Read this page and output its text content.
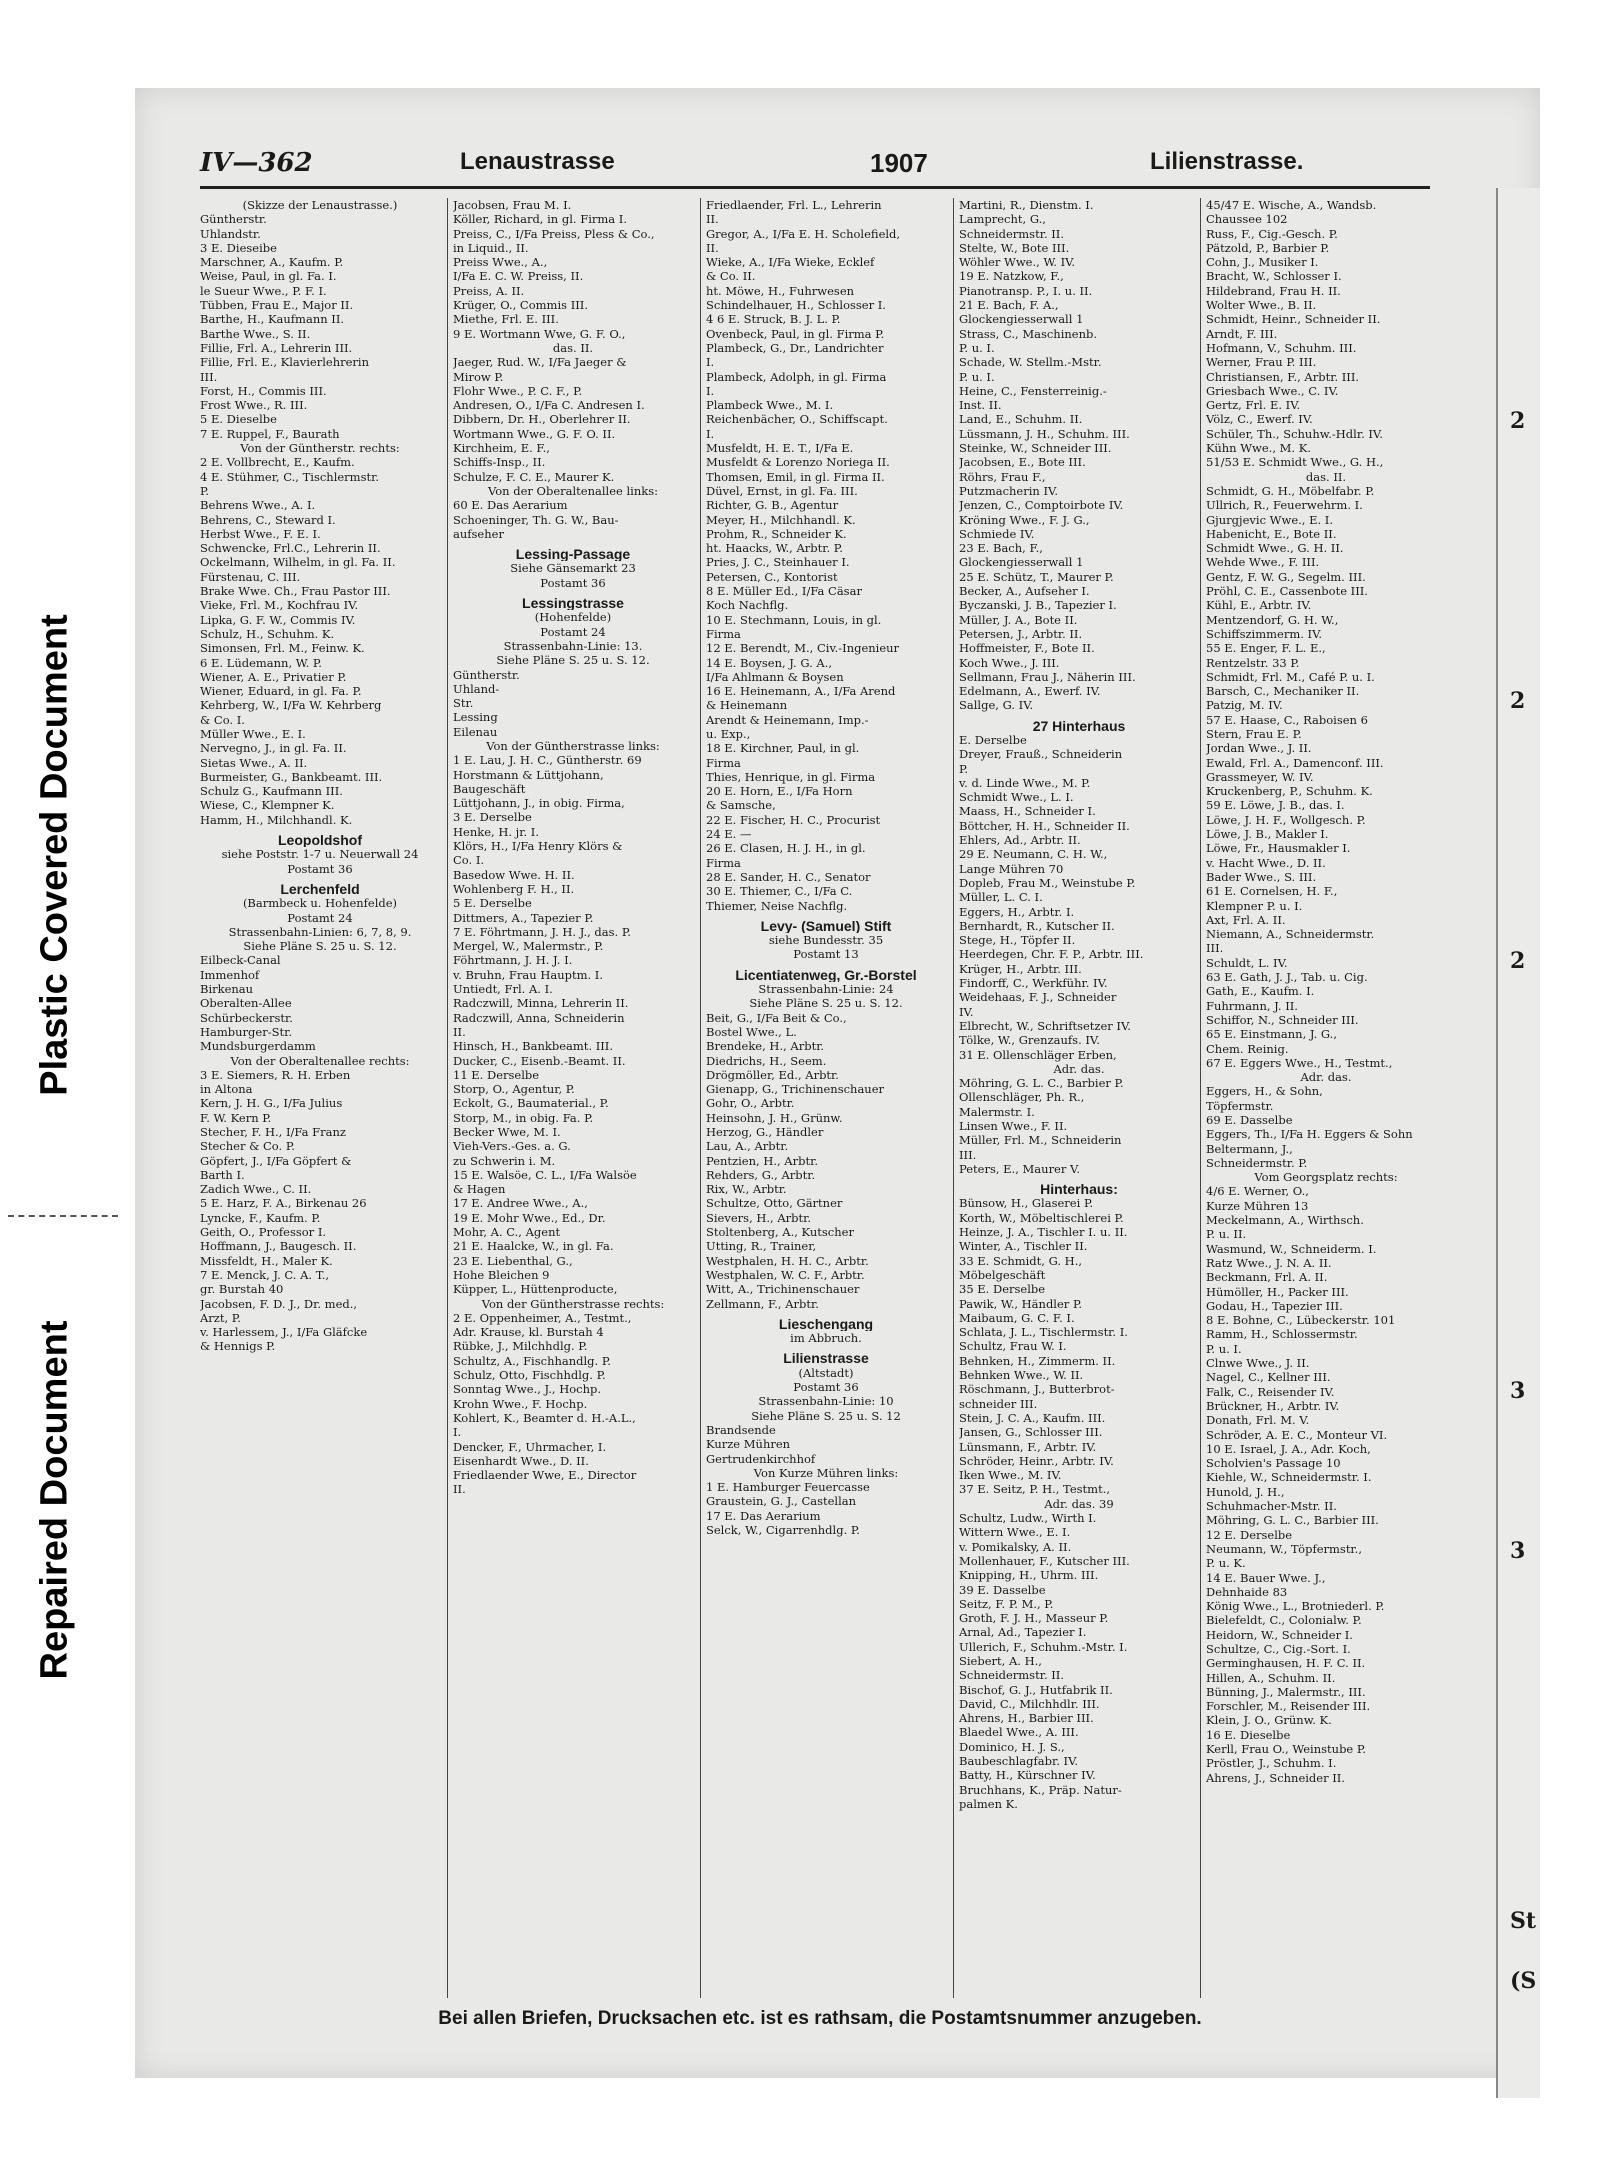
Plastic Covered Document
Repaired Document
IV—362	Lenaustrasse	1907	Lilienstrasse.
(Skizze der Lenaustrasse.)
Güntherstr.
Uhlandstr.
3 E. Dieseibe
Marschner, A., Kaufm. P.
Weise, Paul, in gl. Fa. I.
le Sueur Wwe., P. F. I.
Tübben, Frau E., Major II.
Barthe, H., Kaufmann II.
Barthe Wwe., S. II.
Fillie, Frl. A., Lehrerin III.
Fillie, Frl. E., Klavierlehrerin
III.
Forst, H., Commis III.
Frost Wwe., R. III.
5 E. Dieselbe
7 E. Ruppel, F., Baurath
Von der Güntherstr. rechts:
2 E. Vollbrecht, E., Kaufm.
4 E. Stühmer, C., Tischlermstr.
P.
Behrens Wwe., A. I.
Behrens, C., Steward I.
Herbst Wwe., F. E. I.
Schwencke, Frl.C., Lehrerin II.
Ockelmann, Wilhelm, in gl. Fa. II.
Fürstenau, C. III.
Brake Wwe. Ch., Frau Pastor III.
Vieke, Frl. M., Kochfrau IV.
Lipka, G. F. W., Commis IV.
Schulz, H., Schuhm. K.
Simonsen, Frl. M., Feinw. K.
6 E. Lüdemann, W. P.
Wiener, A. E., Privatier P.
Wiener, Eduard, in gl. Fa. P.
Kehrberg, W., I/Fa W. Kehrberg
& Co. I.
Müller Wwe., E. I.
Nervegno, J., in gl. Fa. II.
Sietas Wwe., A. II.
Burmeister, G., Bankbeamt. III.
Schulz G., Kaufmann III.
Wiese, C., Klempner K.
Hamm, H., Milchhandl. K.
Leopoldshof
siehe Poststr. 1-7 u. Neuerwall 24
Postamt 36
Lerchenfeld
(Barmbeck u. Hohenfelde)
Postamt 24
Strassenbahn-Linien: 6, 7, 8, 9.
Siehe Pläne S. 25 u. S. 12.
Eilbeck-Canal
Immenhof
Birkenau
Oberalten-Allee
Schürbeckerstr.
Hamburger-Str.
Mundsburgerdamm
Von der Oberaltenallee rechts:
3 E. Siemers, R. H. Erben
in Altona
Kern, J. H. G., I/Fa Julius
F. W. Kern P.
Stecher, F. H., I/Fa Franz
Stecher & Co. P.
Göpfert, J., I/Fa Göpfert &
Barth I.
Zadich Wwe., C. II.
5 E. Harz, F. A., Birkenau 26
Lyncke, F., Kaufm. P.
Geith, O., Professor I.
Hoffmann, J., Baugesch. II.
Missfeldt, H., Maler K.
7 E. Menck, J. C. A. T.,
gr. Burstah 40
Jacobsen, F. D. J., Dr. med.,
Arzt, P.
v. Harlessem, J., I/Fa Gläfcke
& Hennigs P.
Jacobsen, Frau M. I.
Köller, Richard, in gl. Firma I.
Preiss, C., I/Fa Preiss, Pless & Co.,
in Liquid., II.
Preiss Wwe., A.,
I/Fa E. C. W. Preiss, II.
Preiss, A. II.
Krüger, O., Commis III.
Miethe, Frl. E. III.
9 E. Wortmann Wwe, G. F. O.,
das. II.
Jaeger, Rud. W., I/Fa Jaeger &
Mirow P.
Flohr Wwe., P. C. F., P.
Andresen, O., I/Fa C. Andresen I.
Dibbern, Dr. H., Oberlehrer II.
Wortmann Wwe., G. F. O. II.
Kirchheim, E. F.,
Schiffs-Insp., II.
Schulze, F. C. E., Maurer K.
Von der Oberaltenallee links:
60 E. Das Aerarium
Schoeninger, Th. G. W., Bau-
aufseher
Lessing-Passage
Siehe Gänsemarkt 23
Postamt 36
Lessingstrasse
(Hohenfelde)
Postamt 24
Strassenbahn-Linie: 13.
Siehe Pläne S. 25 u. S. 12.
Güntherstr.
Uhland-
Str.
Lessing
Eilenau
Von der Güntherstrasse links:
1 E. Lau, J. H. C., Güntherstr. 69
Horstmann & Lüttjohann,
Baugeschäft
Lüttjohann, J., in obig. Firma,
3 E. Derselbe
Henke, H. jr. I.
Klörs, H., I/Fa Henry Klörs &
Co. I.
Basedow Wwe. H. II.
Wohlenberg F. H., II.
5 E. Derselbe
Dittmers, A., Tapezier P.
7 E. Föhrtmann, J. H. J., das. P.
Mergel, W., Malermstr., P.
Föhrtmann, J. H. J. I.
v. Bruhn, Frau Hauptm. I.
Untiedt, Frl. A. I.
Radczwill, Minna, Lehrerin II.
Radczwill, Anna, Schneiderin
II.
Hinsch, H., Bankbeamt. III.
Ducker, C., Eisenb.-Beamt. II.
11 E. Derselbe
Storp, O., Agentur, P.
Eckolt, G., Baumaterial., P.
Storp, M., in obig. Fa. P.
Becker Wwe, M. I.
Vieh-Vers.-Ges. a. G.
zu Schwerin i. M.
15 E. Walsöe, C. L., I/Fa Walsöe
& Hagen
17 E. Andree Wwe., A.,
19 E. Mohr Wwe., Ed., Dr.
Mohr, A. C., Agent
21 E. Haalcke, W., in gl. Fa.
23 E. Liebenthal, G.,
Hohe Bleichen 9
Küpper, L., Hüttenproducte,
Von der Güntherstrasse rechts:
2 E. Oppenheimer, A., Testmt.,
Adr. Krause, kl. Burstah 4
Rübke, J., Milchhdlg. P.
Schultz, A., Fischhandlg. P.
Schulz, Otto, Fischhdlg. P.
Sonntag Wwe., J., Hochp.
Krohn Wwe., F. Hochp.
Kohlert, K., Beamter d. H.-A.L.,
I.
Dencker, F., Uhrmacher, I.
Eisenhardt Wwe., D. II.
Friedlaender Wwe, E., Director
II.
Friedlaender, Frl. L., Lehrerin
II.
Gregor, A., I/Fa E. H. Scholefield,
II.
Wieke, A., I/Fa Wieke, Ecklef
& Co. II.
ht. Möwe, H., Fuhrwesen
Schindelhauer, H., Schlosser I.
4 6 E. Struck, B. J. L. P.
Ovenbeck, Paul, in gl. Firma P.
Plambeck, G., Dr., Landrichter
I.
Plambeck, Adolph, in gl. Firma
I.
Plambeck Wwe., M. I.
Reichenbächer, O., Schiffscapt.
I.
Musfeldt, H. E. T., I/Fa E.
Musfeldt & Lorenzo Noriega II.
Thomsen, Emil, in gl. Firma II.
Düvel, Ernst, in gl. Fa. III.
Richter, G. B., Agentur
Meyer, H., Milchhandl. K.
Prohm, R., Schneider K.
ht. Haacks, W., Arbtr. P.
Pries, J. C., Steinhauer I.
Petersen, C., Kontorist
8 E. Müller Ed., I/Fa Cäsar
Koch Nachflg.
10 E. Stechmann, Louis, in gl.
Firma
12 E. Berendt, M., Civ.-Ingenieur
14 E. Boysen, J. G. A.,
I/Fa Ahlmann & Boysen
16 E. Heinemann, A., I/Fa Arend
& Heinemann
Arendt & Heinemann, Imp.-
u. Exp.,
18 E. Kirchner, Paul, in gl.
Firma
Thies, Henrique, in gl. Firma
20 E. Horn, E., I/Fa Horn
& Samsche,
22 E. Fischer, H. C., Procurist
24 E. —
26 E. Clasen, H. J. H., in gl.
Firma
28 E. Sander, H. C., Senator
30 E. Thiemer, C., I/Fa C.
Thiemer, Neise Nachflg.
Levy- (Samuel) Stift
siehe Bundesstr. 35
Postamt 13
Licentiatenweg, Gr.-Borstel
Strassenbahn-Linie: 24
Siehe Pläne S. 25 u. S. 12.
Beit, G., I/Fa Beit & Co.,
Bostel Wwe., L.
Brendeke, H., Arbtr.
Diedrichs, H., Seem.
Drögmöller, Ed., Arbtr.
Gienapp, G., Trichinenschauer
Gohr, O., Arbtr.
Heinsohn, J. H., Grünw.
Herzog, G., Händler
Lau, A., Arbtr.
Pentzien, H., Arbtr.
Rehders, G., Arbtr.
Rix, W., Arbtr.
Schultze, Otto, Gärtner
Sievers, H., Arbtr.
Stoltenberg, A., Kutscher
Utting, R., Trainer,
Westphalen, H. H. C., Arbtr.
Westphalen, W. C. F., Arbtr.
Witt, A., Trichinenschauer
Zellmann, F., Arbtr.
Lieschengang
im Abbruch.
Lilienstrasse
(Altstadt)
Postamt 36
Strassenbahn-Linie: 10
Siehe Pläne S. 25 u. S. 12
Brandsende
Kurze Mühren
Gertrudenkirchhof
Von Kurze Mühren links:
1 E. Hamburger Feuercasse
Graustein, G. J., Castellan
17 E. Das Aerarium
Selck, W., Cigarrenhdlg. P.
Martini, R., Dienstm. I.
Lamprecht, G.,
Schneidermstr. II.
Stelte, W., Bote III.
Wöhler Wwe., W. IV.
19 E. Natzkow, F.,
Pianotransp. P., I. u. II.
21 E. Bach, F. A.,
Glockengiesserwall 1
Strass, C., Maschinenb.
P. u. I.
Schade, W. Stellm.-Mstr.
P. u. I.
Heine, C., Fensterreinig.-
Inst. II.
Land, E., Schuhm. II.
Lüssmann, J. H., Schuhm. III.
Steinke, W., Schneider III.
Jacobsen, E., Bote III.
Röhrs, Frau F.,
Putzmacherin IV.
Jenzen, C., Comptoirbote IV.
Kröning Wwe., F. J. G.,
Schmiede IV.
23 E. Bach, F.,
Glockengiesserwall 1
25 E. Schütz, T., Maurer P.
Becker, A., Aufseher I.
Byczanski, J. B., Tapezier I.
Müller, J. A., Bote II.
Petersen, J., Arbtr. II.
Hoffmeister, F., Bote II.
Koch Wwe., J. III.
Sellmann, Frau J., Näherin III.
Edelmann, A., Ewerf. IV.
Sallge, G. IV.
27 Hinterhaus
E. Derselbe
Dreyer, Frauß., Schneiderin
P.
v. d. Linde Wwe., M. P.
Schmidt Wwe., L. I.
Maass, H., Schneider I.
Böttcher, H. H., Schneider II.
Ehlers, Ad., Arbtr. II.
29 E. Neumann, C. H. W.,
Lange Mühren 70
Dopleb, Frau M., Weinstube P.
Müller, L. C. I.
Eggers, H., Arbtr. I.
Bernhardt, R., Kutscher II.
Stege, H., Töpfer II.
Heerdegen, Chr. F. P., Arbtr. III.
Krüger, H., Arbtr. III.
Findorff, C., Werkführ. IV.
Weidehaas, F. J., Schneider
IV.
Elbrecht, W., Schriftsetzer IV.
Tölke, W., Grenzaufs. IV.
31 E. Ollenschläger Erben,
Adr. das.
Möhring, G. L. C., Barbier P.
Ollenschläger, Ph. R.,
Malermstr. I.
Linsen Wwe., F. II.
Müller, Frl. M., Schneiderin
III.
Peters, E., Maurer V.
Hinterhaus:
Bünsow, H., Glaserei P.
Korth, W., Möbeltischlerei P.
Heinze, J. A., Tischler I. u. II.
Winter, A., Tischler II.
33 E. Schmidt, G. H.,
Möbelgeschäft
35 E. Derselbe
Pawik, W., Händler P.
Maibaum, G. C. F. I.
Schlata, J. L., Tischlermstr. I.
Schultz, Frau W. I.
Behnken, H., Zimmerm. II.
Behnken Wwe., W. II.
Röschmann, J., Butterbrot-
schneider III.
Stein, J. C. A., Kaufm. III.
Jansen, G., Schlosser III.
Lünsmann, F., Arbtr. IV.
Schröder, Heinr., Arbtr. IV.
Iken Wwe., M. IV.
37 E. Seitz, P. H., Testmt.,
Adr. das. 39
Schultz, Ludw., Wirth I.
Wittern Wwe., E. I.
v. Pomikalsky, A. II.
Mollenhauer, F., Kutscher III.
Knipping, H., Uhrm. III.
39 E. Dasselbe
Seitz, F. P. M., P.
Groth, F. J. H., Masseur P.
Arnal, Ad., Tapezier I.
Ullerich, F., Schuhm.-Mstr. I.
Siebert, A. H.,
Schneidermstr. II.
Bischof, G. J., Hutfabrik II.
David, C., Milchhdlr. III.
Ahrens, H., Barbier III.
Blaedel Wwe., A. III.
Dominico, H. J. S.,
Baubeschlagfabr. IV.
Batty, H., Kürschner IV.
Bruchhans, K., Präp. Natur-
palmen K.
45/47 E. Wische, A., Wandsb.
Chaussee 102
Russ, F., Cig.-Gesch. P.
Pätzold, P., Barbier P.
Cohn, J., Musiker I.
Bracht, W., Schlosser I.
Hildebrand, Frau H. II.
Wolter Wwe., B. II.
Schmidt, Heinr., Schneider II.
Arndt, F. III.
Hofmann, V., Schuhm. III.
Werner, Frau P. III.
Christiansen, F., Arbtr. III.
Griesbach Wwe., C. IV.
Gertz, Frl. E. IV.
Völz, C., Ewerf. IV.
Schüler, Th., Schuhw.-Hdlr. IV.
Kühn Wwe., M. K.
51/53 E. Schmidt Wwe., G. H.,
das. II.
Schmidt, G. H., Möbelfabr. P.
Ullrich, R., Feuerwehrm. I.
Gjurgjevic Wwe., E. I.
Habenicht, E., Bote II.
Schmidt Wwe., G. H. II.
Wehde Wwe., F. III.
Gentz, F. W. G., Segelm. III.
Pröhl, C. E., Cassenbote III.
Kühl, E., Arbtr. IV.
Mentzendorf, G. H. W.,
Schiffszimmerm. IV.
55 E. Enger, F. L. E.,
Rentzelstr. 33 P.
Schmidt, Frl. M., Café P. u. I.
Barsch, C., Mechaniker II.
Patzig, M. IV.
57 E. Haase, C., Raboisen 6
Stern, Frau E. P.
Jordan Wwe., J. II.
Ewald, Frl. A., Damenconf. III.
Grassmeyer, W. IV.
Kruckenberg, P., Schuhm. K.
59 E. Löwe, J. B., das. I.
Löwe, J. H. F., Wollgesch. P.
Löwe, J. B., Makler I.
Löwe, Fr., Hausmakler I.
v. Hacht Wwe., D. II.
Bader Wwe., S. III.
61 E. Cornelsen, H. F.,
Klempner P. u. I.
Axt, Frl. A. II.
Niemann, A., Schneidermstr.
III.
Schuldt, L. IV.
63 E. Gath, J. J., Tab. u. Cig.
Gath, E., Kaufm. I.
Fuhrmann, J. II.
Schiffor, N., Schneider III.
65 E. Einstmann, J. G.,
Chem. Reinig.
67 E. Eggers Wwe., H., Testmt.,
Adr. das.
Eggers, H., & Sohn,
Töpfermstr.
69 E. Dasselbe
Eggers, Th., I/Fa H. Eggers & Sohn
Beltermann, J.,
Schneidermstr. P.
Vom Georgsplatz rechts:
4/6 E. Werner, O.,
Kurze Mühren 13
Meckelmann, A., Wirthsch.
P. u. II.
Wasmund, W., Schneiderm. I.
Ratz Wwe., J. N. A. II.
Beckmann, Frl. A. II.
Hümöller, H., Packer III.
Godau, H., Tapezier III.
8 E. Bohne, C., Lübeckerstr. 101
Ramm, H., Schlossermstr.
P. u. I.
Clnwe Wwe., J. II.
Nagel, C., Kellner III.
Falk, C., Reisender IV.
Brückner, H., Arbtr. IV.
Donath, Frl. M. V.
Schröder, A. E. C., Monteur VI.
10 E. Israel, J. A., Adr. Koch,
Scholvien's Passage 10
Kiehle, W., Schneidermstr. I.
Hunold, J. H.,
Schuhmacher-Mstr. II.
Möhring, G. L. C., Barbier III.
12 E. Derselbe
Neumann, W., Töpfermstr.,
P. u. K.
14 E. Bauer Wwe. J.,
Dehnhaide 83
König Wwe., L., Brotniederl. P.
Bielefeldt, C., Colonialw. P.
Heidorn, W., Schneider I.
Schultze, C., Cig.-Sort. I.
Germinghausen, H. F. C. II.
Hillen, A., Schuhm. II.
Bünning, J., Malermstr., III.
Forschler, M., Reisender III.
Klein, J. O., Grünw. K.
16 E. Dieselbe
Kerll, Frau O., Weinstube P.
Pröstler, J., Schuhm. I.
Ahrens, J., Schneider II.
Bei allen Briefen, Drucksachen etc. ist es rathsam, die Postamtsnummer anzugeben.
2
2
2
3
3
St
(S
